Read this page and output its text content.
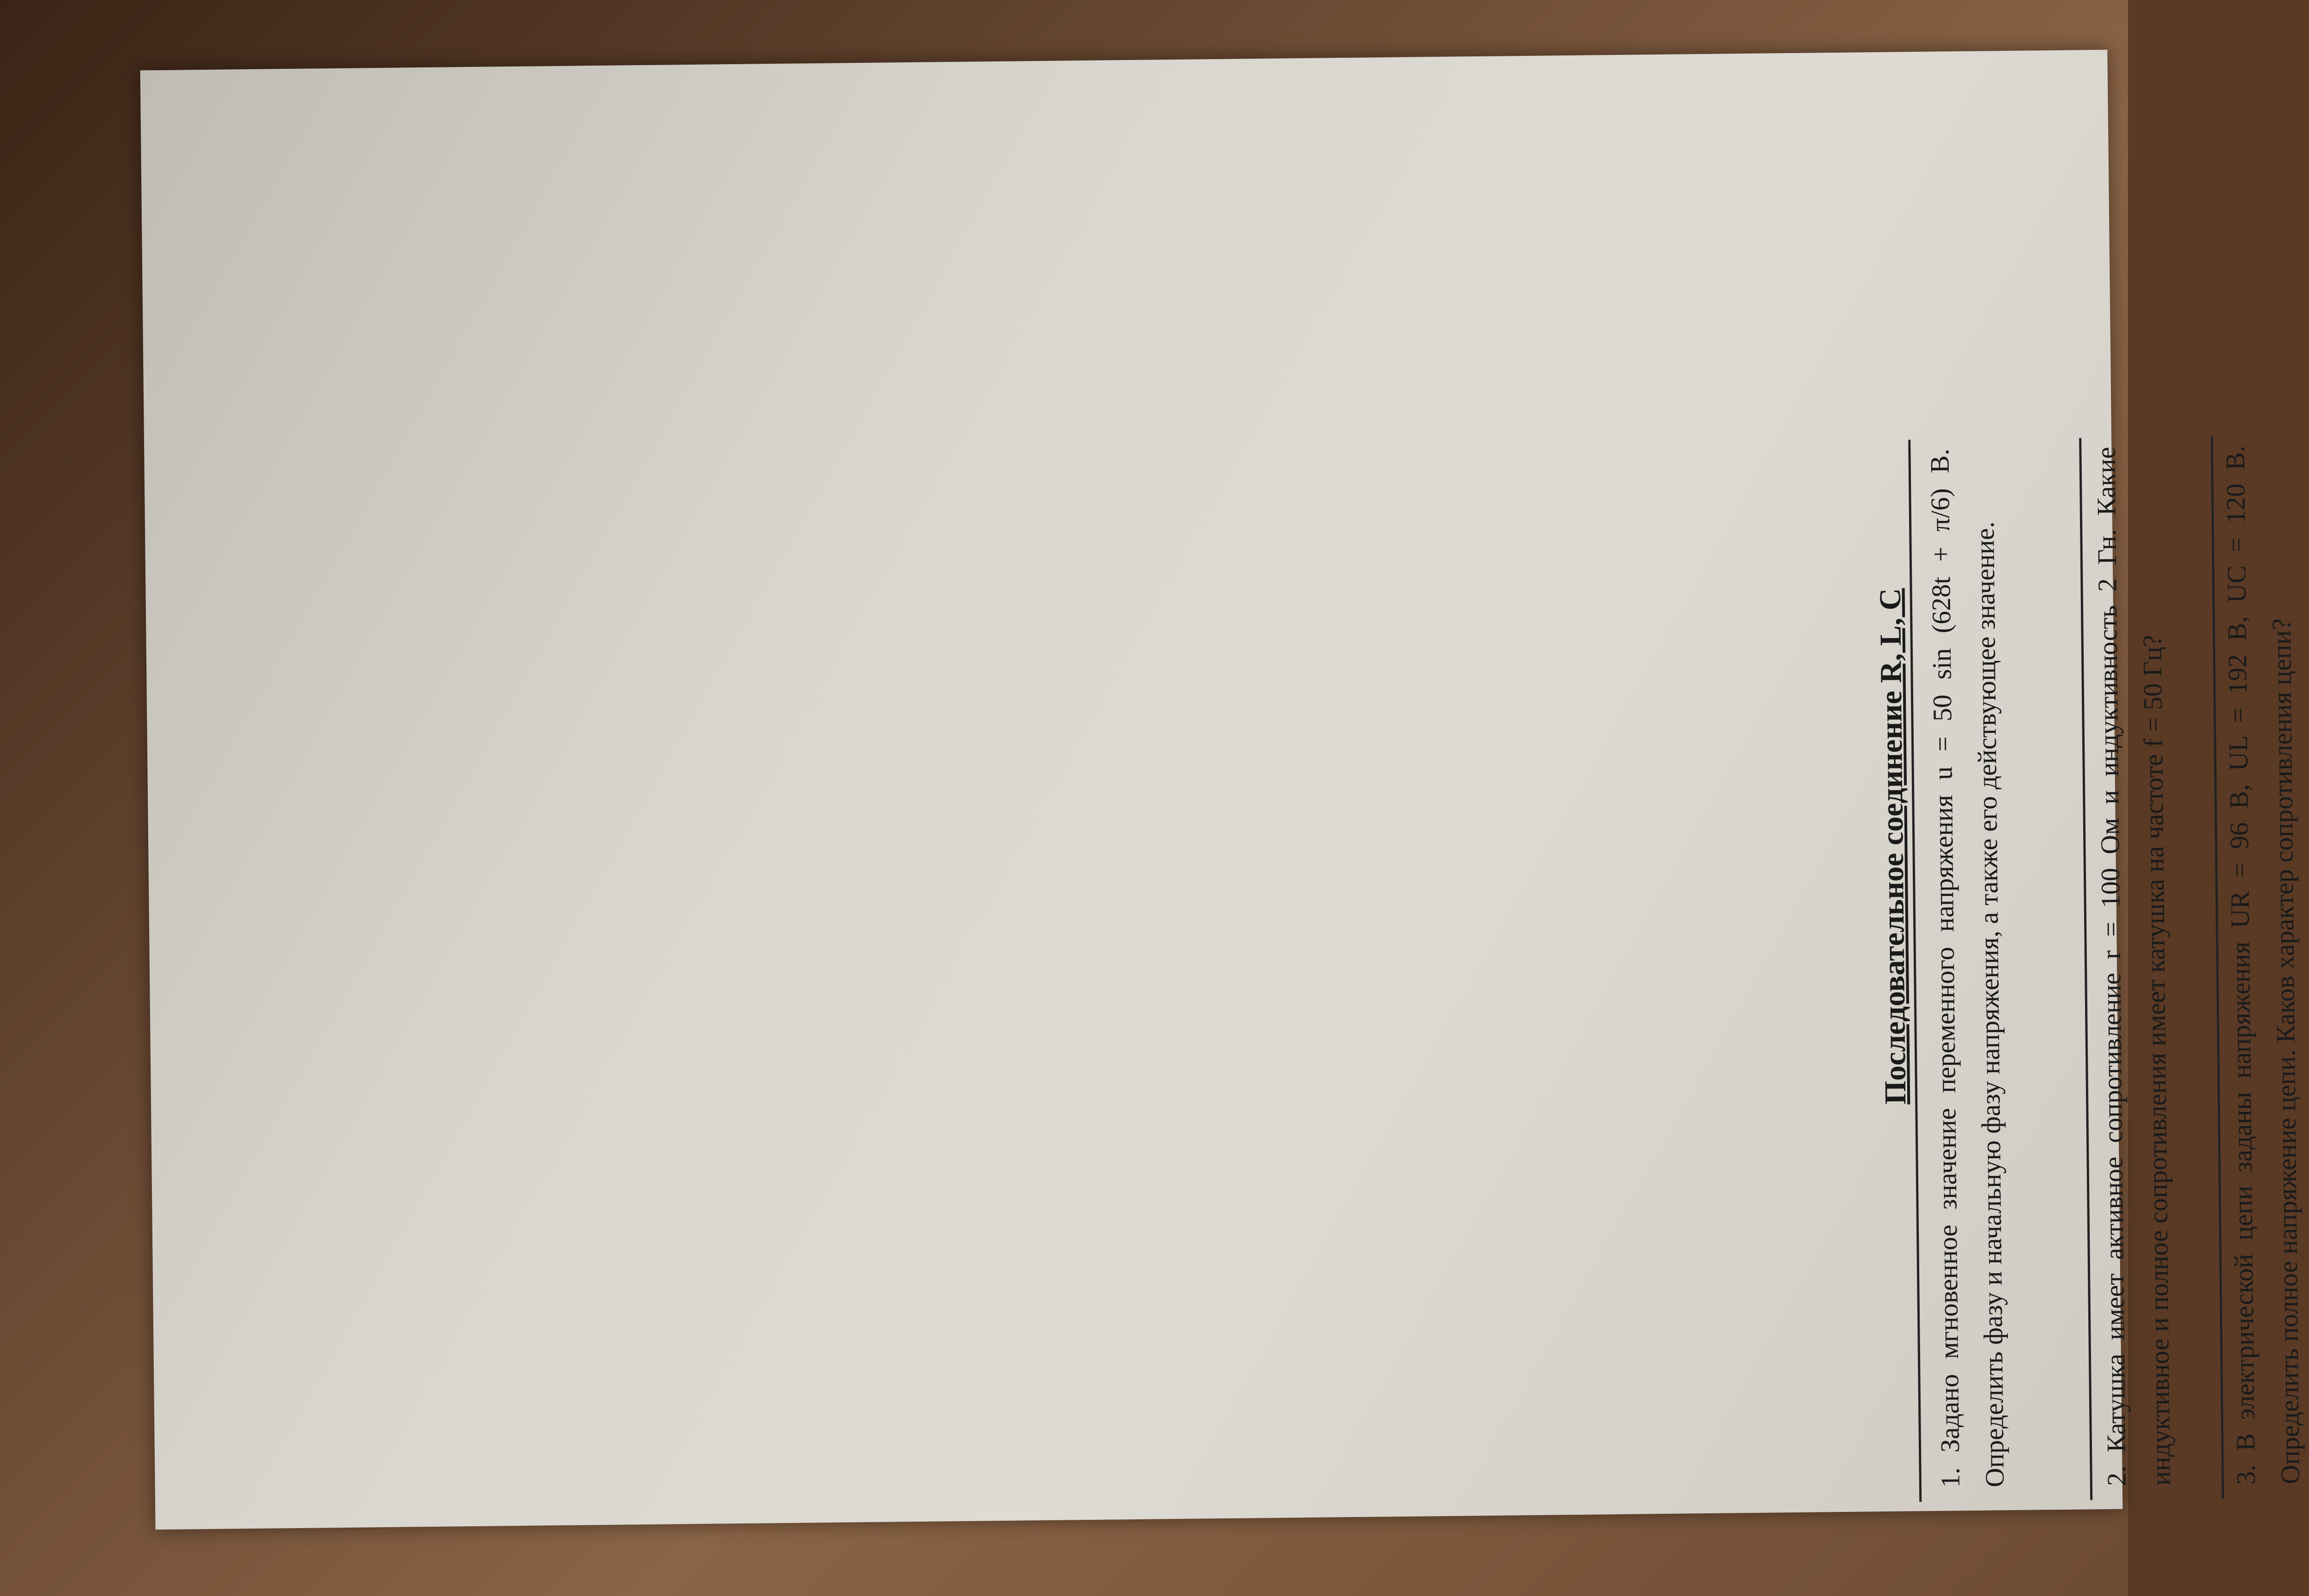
Последовательное соединение R, L, C 1. Задано мгновенное значение переменного напряжения u = 50 sin (628t + π/6) В. Определить фазу и начальную фазу напряжения, а также его действующее значение.	2. Катушка имеет активное сопротивление r = 100 Ом и индуктивность 2 Гн. Какие индуктивное и полное сопротивления имеет катушка на частоте f = 50 Гц? 3. В электрической цепи заданы напряжения UR = 96 В, UL = 192 В, UC = 120 В. Определить полное напряжение цепи. Каков характер сопротивления цепи?
